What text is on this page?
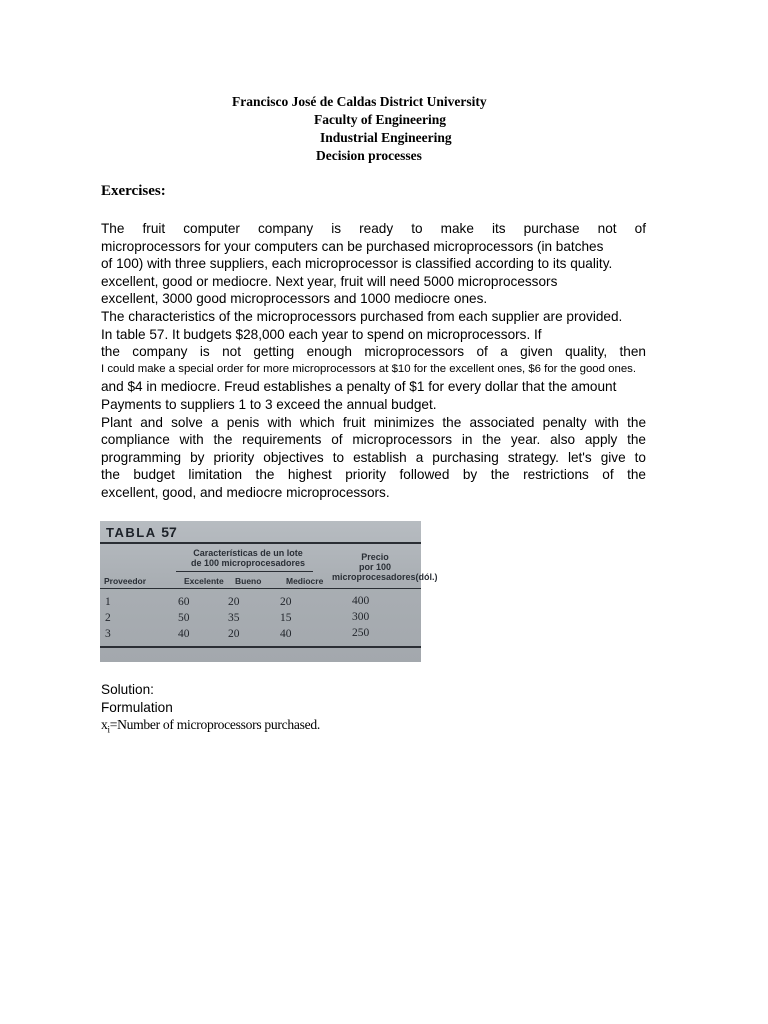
Francisco José de Caldas District University
Faculty of Engineering
Industrial Engineering
Decision processes
Exercises:
The fruit computer company is ready to make its purchase not of
microprocessors for your computers can be purchased microprocessors (in batches
of 100) with three suppliers, each microprocessor is classified according to its quality.
excellent, good or mediocre. Next year, fruit will need 5000 microprocessors
excellent, 3000 good microprocessors and 1000 mediocre ones.
The characteristics of the microprocessors purchased from each supplier are provided.
In table 57. It budgets $28,000 each year to spend on microprocessors. If
the company is not getting enough microprocessors of a given quality, then
I could make a special order for more microprocessors at $10 for the excellent ones, $6 for the good ones.
and $4 in mediocre. Freud establishes a penalty of $1 for every dollar that the amount
Payments to suppliers 1 to 3 exceed the annual budget.
Plant and solve a penis with which fruit minimizes the associated penalty with the
compliance with the requirements of microprocessors in the year. also apply the
programming by priority objectives to establish a purchasing strategy. let's give to
the budget limitation the highest priority followed by the restrictions of the
excellent, good, and mediocre microprocessors.
TABLA 57
Características de un lote
de 100 microprocesadores
Precio
por 100
microprocesadores(dól.)
Proveedor	Excelente Bueno	Mediocre
1	60	20	20	400
2	50	35	15	300
3	40	20	40	250
Solution:
Formulation
$x_i=Number$ of microprocessors purchased.
